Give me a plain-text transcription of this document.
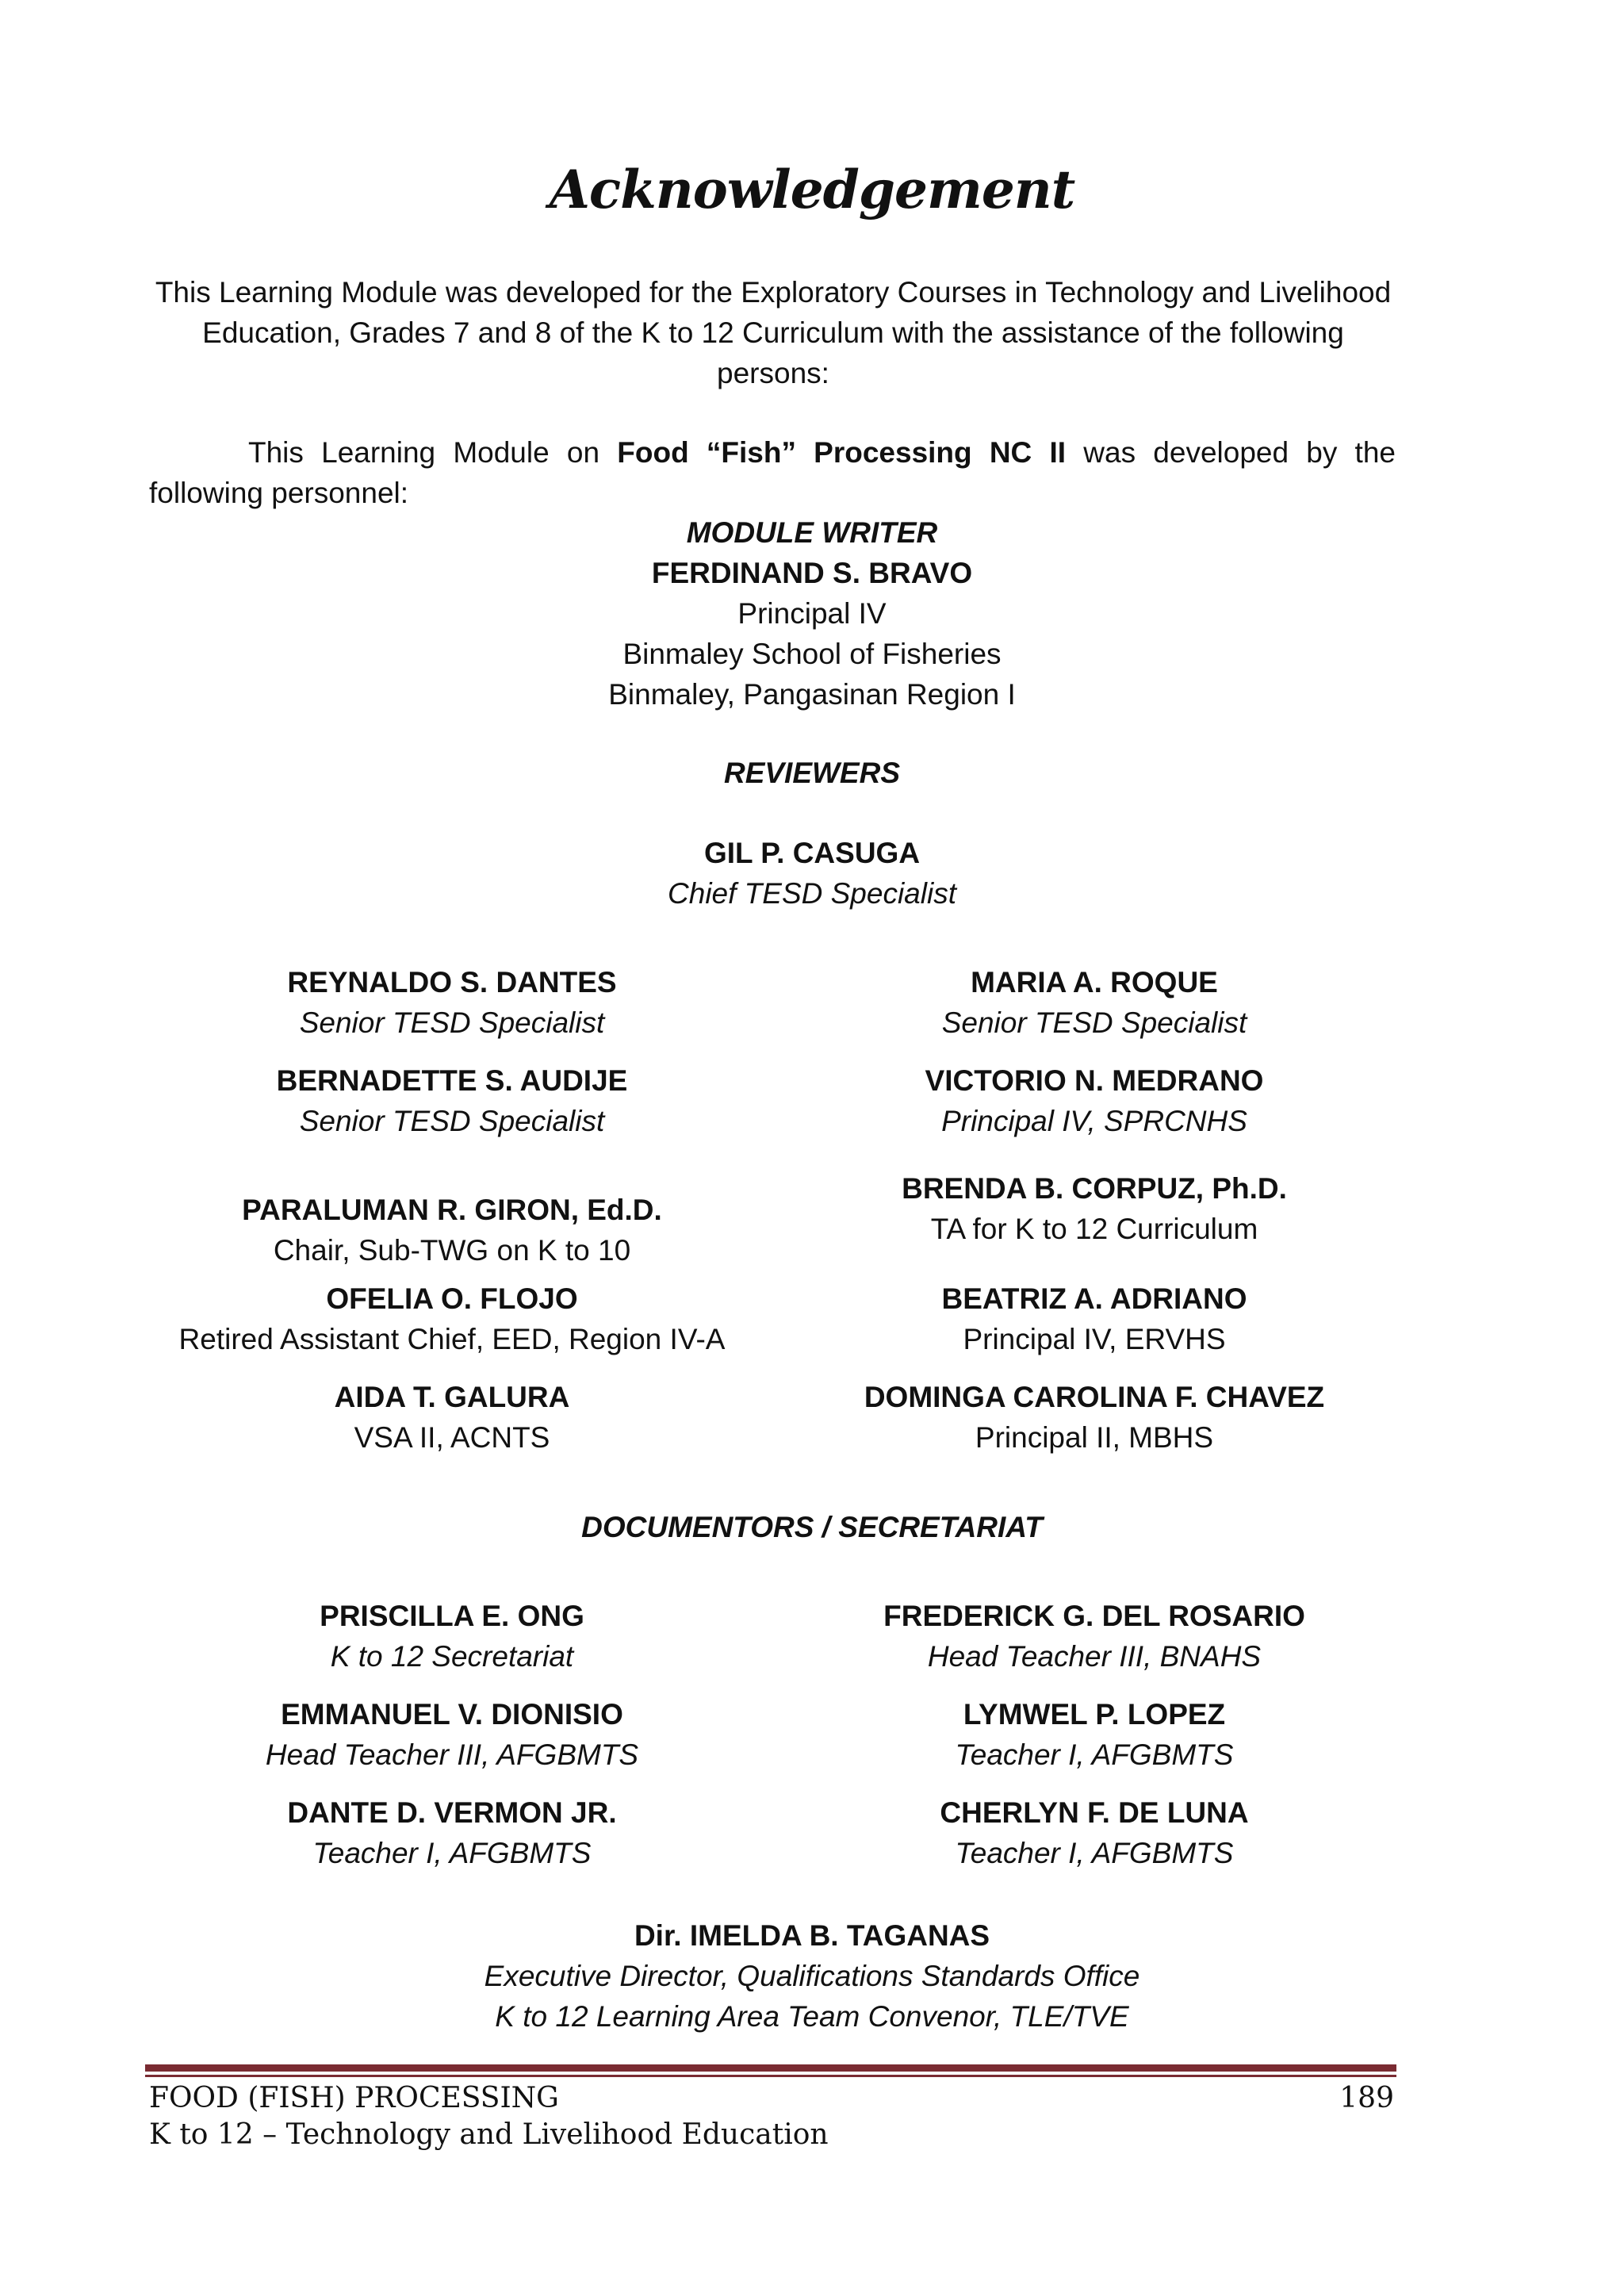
Acknowledgement

This Learning Module was developed for the Exploratory Courses in Technology and Livelihood Education, Grades 7 and 8 of the K to 12 Curriculum with the assistance of the following persons:

This Learning Module on Food “Fish” Processing NC II was developed by the following personnel:

MODULE WRITER
FERDINAND S. BRAVO
Principal IV
Binmaley School of Fisheries
Binmaley, Pangasinan Region I
REVIEWERS
GIL P. CASUGA
Chief TESD Specialist
REYNALDO S. DANTES
Senior TESD Specialist
MARIA A. ROQUE
Senior TESD Specialist
BERNADETTE S. AUDIJE
Senior TESD Specialist
VICTORIO N. MEDRANO
Principal IV, SPRCNHS
PARALUMAN R. GIRON, Ed.D.
Chair, Sub-TWG on K to 10
BRENDA B. CORPUZ, Ph.D.
TA for K to 12 Curriculum
OFELIA O. FLOJO
Retired Assistant Chief, EED, Region IV-A
BEATRIZ A. ADRIANO
Principal IV, ERVHS
AIDA T. GALURA
VSA II, ACNTS
DOMINGA CAROLINA F. CHAVEZ
Principal II, MBHS
DOCUMENTORS / SECRETARIAT
PRISCILLA E. ONG
K to 12 Secretariat
FREDERICK G. DEL ROSARIO
Head Teacher III, BNAHS
EMMANUEL V. DIONISIO
Head Teacher III, AFGBMTS
LYMWEL P. LOPEZ
Teacher I, AFGBMTS
DANTE D. VERMON JR.
Teacher I, AFGBMTS
CHERLYN F. DE LUNA
Teacher I, AFGBMTS
Dir. IMELDA B. TAGANAS
Executive Director, Qualifications Standards Office
K to 12 Learning Area Team Convenor, TLE/TVE
FOOD (FISH) PROCESSING
K to 12 – Technology and Livelihood Education
189
